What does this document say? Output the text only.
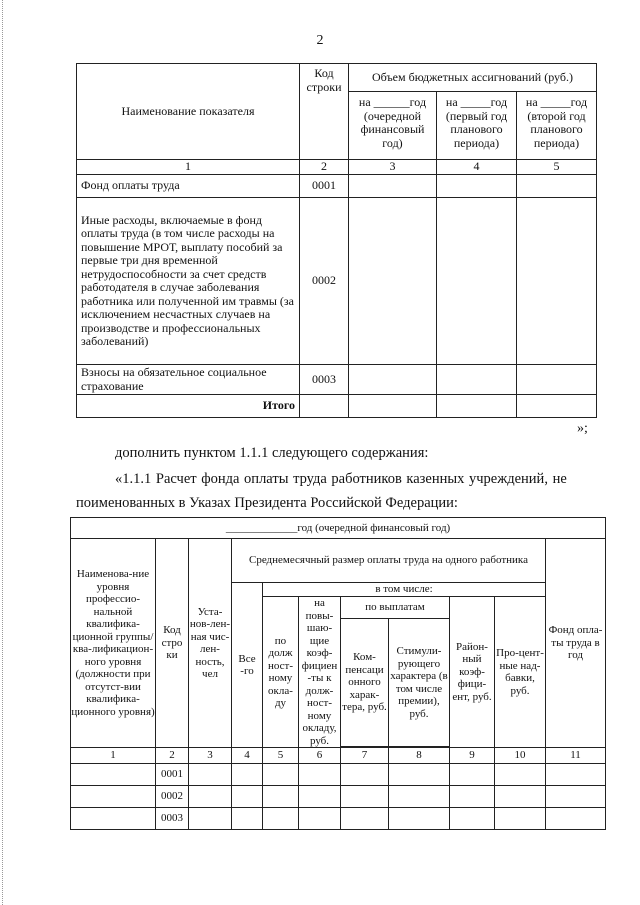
2
Наименование показателя	Код строки	Объем бюджетных ассигнований (руб.)		
		на ______год (очередной финансовый год)	на _____год (первый год планового периода)	на _____год (второй год планового периода)
1	2	3	4	5
Фонд оплаты труда	0001			
Иные расходы, включаемые в фонд оплаты труда (в том числе расходы на повышение МРОТ, выплату пособий за первые три дня временной нетрудоспособности за счет средств работодателя в случае заболевания работника или полученной им травмы (за исключением несчастных случаев на производстве и профессиональных заболеваний)	0002			
Взносы на обязательное социальное страхование	0003			
Итого				
»;
дополнить пунктом 1.1.1 следующего содержания:
«1.1.1 Расчет фонда оплаты труда работников казенных учреждений, не
поименованных в Указах Президента Российской Федерации:
_____________год (очередной финансовый год)										
Наименова-ние уровня профессио-нальной квалифика-ционной группы/ква-лификацион-ного уровня (должности при отсутст-вии квалифика-ционного уровня)	Код стро ки	Уста-нов-лен-ная чис-лен-ность, чел	Среднемесячный размер оплаты труда на одного работника							Фонд опла-ты труда в год
			Все -го	в том числе:						
				по долж ност-ному окла-ду	на повы-шаю-щие коэф-фициен -ты к долж-ност-ному окладу, руб.	по выплатам		Район-ный коэф-фици-ент, руб.	Про-цент-ные над-бавки, руб.	
						Ком-пенсаци онного харак-тера, руб.	Стимули-рующего характера (в том числе премии), руб.			

1	2	3	4	5	6	7	8	9	10	11
	0001									
	0002									
	0003									
